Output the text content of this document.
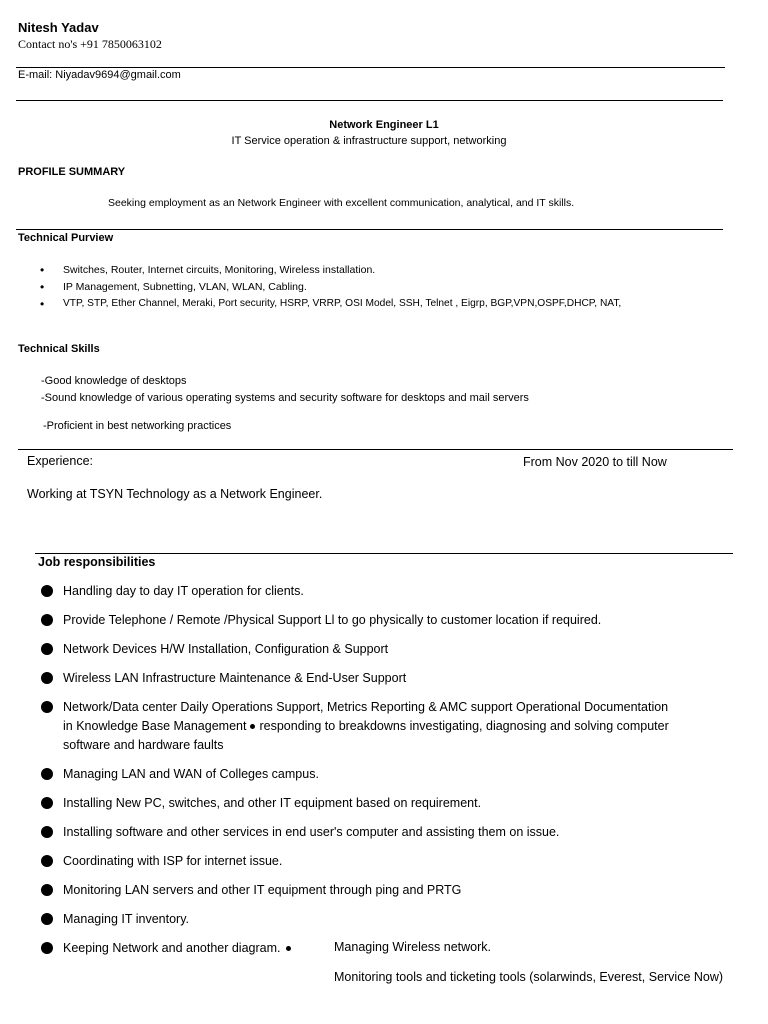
Nitesh Yadav
Contact no's +91 7850063102
E-mail: Niyadav9694@gmail.com
Network Engineer L1
IT Service operation & infrastructure support, networking
PROFILE SUMMARY
Seeking employment as an Network Engineer with excellent communication, analytical, and IT skills.
Technical Purview
• Switches, Router, Internet circuits, Monitoring, Wireless installation.
• IP Management, Subnetting, VLAN, WLAN, Cabling.
• VTP, STP, Ether Channel, Meraki, Port security, HSRP, VRRP, OSI Model, SSH, Telnet , Eigrp, BGP,VPN,OSPF,DHCP, NAT,
Technical Skills
-Good knowledge of desktops
-Sound knowledge of various operating systems and security software for desktops and mail servers
-Proficient in best networking practices
Experience:	From Nov 2020 to till Now
Working at TSYN Technology as a Network Engineer.
Job responsibilities
Handling day to day IT operation for clients.
Provide Telephone / Remote /Physical Support Ll to go physically to customer location if required.
Network Devices H/W Installation, Configuration & Support
Wireless LAN Infrastructure Maintenance & End-User Support
Network/Data center Daily Operations Support, Metrics Reporting & AMC support Operational Documentation
in Knowledge Base Management responding to breakdowns investigating, diagnosing and solving computer
software and hardware faults
Managing LAN and WAN of Colleges campus.
Installing New PC, switches, and other IT equipment based on requirement.
Installing software and other services in end user's computer and assisting them on issue.
Coordinating with ISP for internet issue.
Monitoring LAN servers and other IT equipment through ping and PRTG
Managing IT inventory.
Keeping Network and another diagram.	Managing Wireless network.
Monitoring tools and ticketing tools (solarwinds, Everest, Service Now)
